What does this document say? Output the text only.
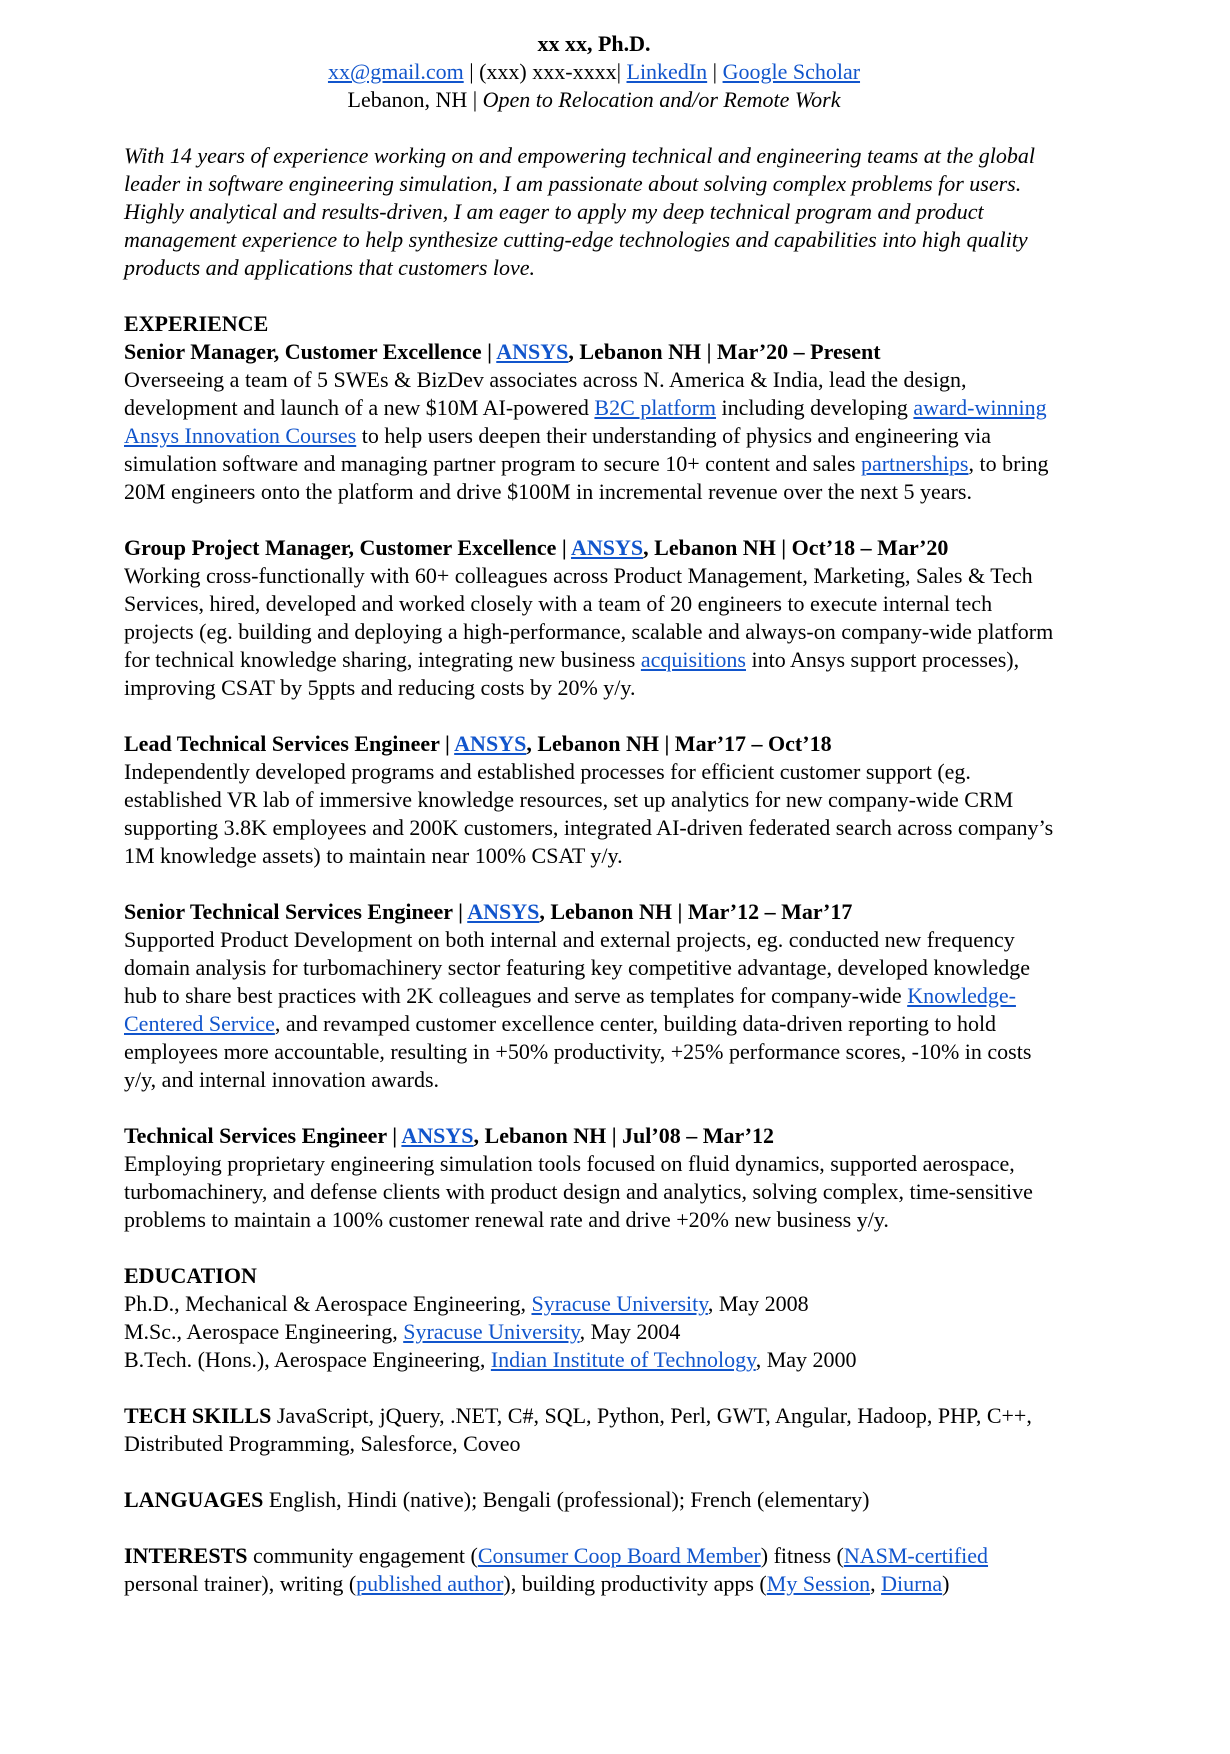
xx xx, Ph.D.
xx@gmail.com | (xxx) xxx-xxxx| LinkedIn | Google Scholar
Lebanon, NH | Open to Relocation and/or Remote Work
With 14 years of experience working on and empowering technical and engineering teams at the global leader in software engineering simulation, I am passionate about solving complex problems for users. Highly analytical and results-driven, I am eager to apply my deep technical program and product management experience to help synthesize cutting-edge technologies and capabilities into high quality products and applications that customers love.
EXPERIENCE
Senior Manager, Customer Excellence | ANSYS, Lebanon NH | Mar’20 – Present

Overseeing a team of 5 SWEs & BizDev associates across N. America & India, lead the design, development and launch of a new $10M AI-powered B2C platform including developing award-winning Ansys Innovation Courses to help users deepen their understanding of physics and engineering via simulation software and managing partner program to secure 10+ content and sales partnerships, to bring 20M engineers onto the platform and drive $100M in incremental revenue over the next 5 years.

Group Project Manager, Customer Excellence | ANSYS, Lebanon NH | Oct’18 – Mar’20

Working cross-functionally with 60+ colleagues across Product Management, Marketing, Sales & Tech Services, hired, developed and worked closely with a team of 20 engineers to execute internal tech projects (eg. building and deploying a high-performance, scalable and always-on company-wide platform for technical knowledge sharing, integrating new business acquisitions into Ansys support processes), improving CSAT by 5ppts and reducing costs by 20% y/y.

Lead Technical Services Engineer | ANSYS, Lebanon NH | Mar’17 – Oct’18

Independently developed programs and established processes for efficient customer support (eg. established VR lab of immersive knowledge resources, set up analytics for new company-wide CRM supporting 3.8K employees and 200K customers, integrated AI-driven federated search across company’s 1M knowledge assets) to maintain near 100% CSAT y/y.

Senior Technical Services Engineer | ANSYS, Lebanon NH | Mar’12 – Mar’17

Supported Product Development on both internal and external projects, eg. conducted new frequency domain analysis for turbomachinery sector featuring key competitive advantage, developed knowledge hub to share best practices with 2K colleagues and serve as templates for company-wide Knowledge-Centered Service, and revamped customer excellence center, building data-driven reporting to hold employees more accountable, resulting in +50% productivity, +25% performance scores, -10% in costs y/y, and internal innovation awards.

Technical Services Engineer | ANSYS, Lebanon NH | Jul’08 – Mar’12

Employing proprietary engineering simulation tools focused on fluid dynamics, supported aerospace, turbomachinery, and defense clients with product design and analytics, solving complex, time-sensitive problems to maintain a 100% customer renewal rate and drive +20% new business y/y.

EDUCATION
Ph.D., Mechanical & Aerospace Engineering, Syracuse University, May 2008
M.Sc., Aerospace Engineering, Syracuse University, May 2004
B.Tech. (Hons.), Aerospace Engineering, Indian Institute of Technology, May 2000
TECH SKILLS JavaScript, jQuery, .NET, C#, SQL, Python, Perl, GWT, Angular, Hadoop, PHP, C++, Distributed Programming, Salesforce, Coveo
LANGUAGES English, Hindi (native); Bengali (professional); French (elementary)
INTERESTS community engagement (Consumer Coop Board Member) fitness (NASM-certified personal trainer), writing (published author), building productivity apps (My Session, Diurna)
